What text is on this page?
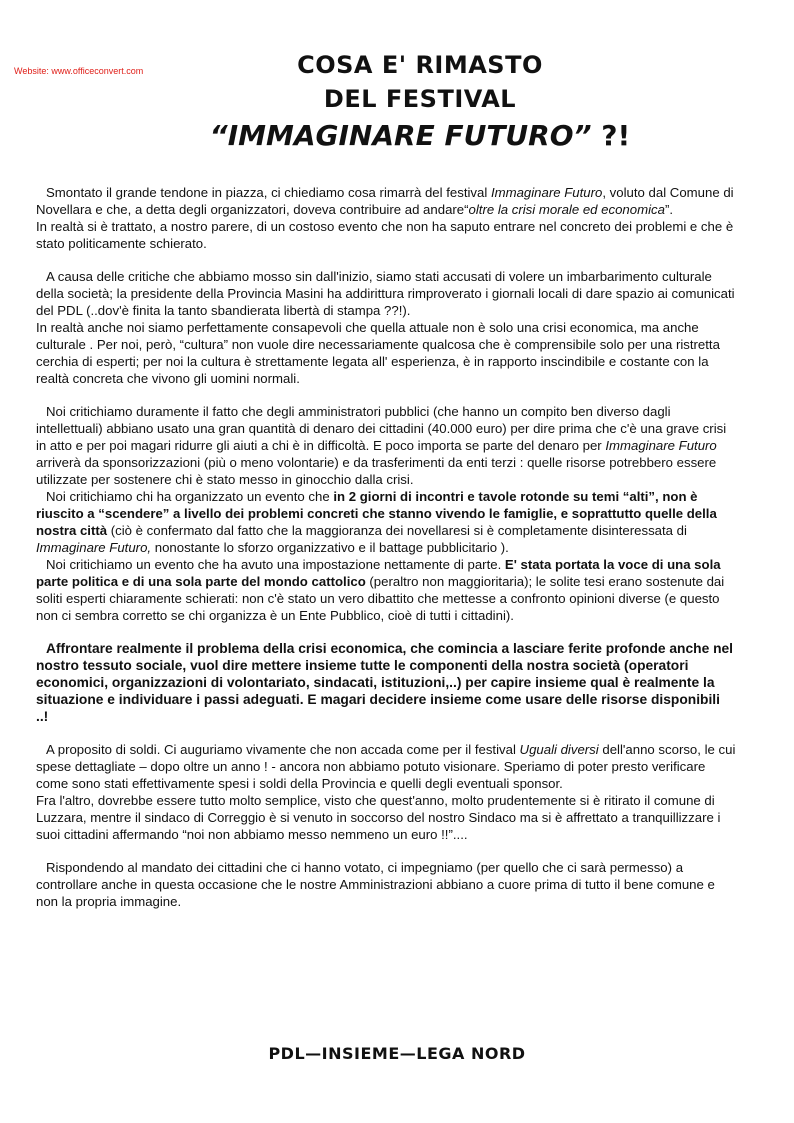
Website: www.officeconvert.com	COSA E' RIMASTO
DEL FESTIVAL
“IMMAGINARE FUTURO” ?!

Smontato il grande tendone in piazza, ci chiediamo cosa rimarrà del festival Immaginare Futuro, voluto dal Comune di Novellara e che, a detta degli organizzatori, doveva contribuire ad andare“oltre la crisi morale ed economica”.

In realtà si è trattato, a nostro parere, di un costoso evento che non ha saputo entrare nel concreto dei problemi e che è stato politicamente schierato.

A causa delle critiche che abbiamo mosso sin dall'inizio, siamo stati accusati di volere un imbarbarimento culturale della società; la presidente della Provincia Masini ha addirittura rimproverato i giornali locali di dare spazio ai comunicati del PDL (..dov'è finita la tanto sbandierata libertà di stampa ??!).

In realtà anche noi siamo perfettamente consapevoli che quella attuale non è solo una crisi economica, ma anche culturale . Per noi, però, “cultura” non vuole dire necessariamente qualcosa che è comprensibile solo per una ristretta cerchia di esperti; per noi la cultura è strettamente legata all' esperienza, è in rapporto inscindibile e costante con la realtà concreta che vivono gli uomini normali.

Noi critichiamo duramente il fatto che degli amministratori pubblici (che hanno un compito ben diverso dagli intellettuali) abbiano usato una gran quantità di denaro dei cittadini (40.000 euro) per dire prima che c'è una grave crisi in atto e per poi magari ridurre gli aiuti a chi è in difficoltà. E poco importa se parte del denaro per Immaginare Futuro arriverà da sponsorizzazioni (più o meno volontarie) e da trasferimenti da enti terzi : quelle risorse potrebbero essere utilizzate per sostenere chi è stato messo in ginocchio dalla crisi.

Noi critichiamo chi ha organizzato un evento che in 2 giorni di incontri e tavole rotonde su temi “alti”, non è riuscito a “scendere” a livello dei problemi concreti che stanno vivendo le famiglie, e soprattutto quelle della nostra città (ciò è confermato dal fatto che la maggioranza dei novellaresi si è completamente disinteressata di Immaginare Futuro, nonostante lo sforzo organizzativo e il battage pubblicitario ).

Noi critichiamo un evento che ha avuto una impostazione nettamente di parte. E' stata portata la voce di una sola parte politica e di una sola parte del mondo cattolico (peraltro non maggioritaria); le solite tesi erano sostenute dai soliti esperti chiaramente schierati: non c'è stato un vero dibattito che mettesse a confronto opinioni diverse (e questo non ci sembra corretto se chi organizza è un Ente Pubblico, cioè di tutti i cittadini).

Affrontare realmente il problema della crisi economica, che comincia a lasciare ferite profonde anche nel nostro tessuto sociale, vuol dire mettere insieme tutte le componenti della nostra società (operatori economici, organizzazioni di volontariato, sindacati, istituzioni,..) per capire insieme qual è realmente la situazione e individuare i passi adeguati. E magari decidere insieme come usare delle risorse disponibili ..!

A proposito di soldi. Ci auguriamo vivamente che non accada come per il festival Uguali diversi dell'anno scorso, le cui spese dettagliate – dopo oltre un anno ! - ancora non abbiamo potuto visionare. Speriamo di poter presto verificare come sono stati effettivamente spesi i soldi della Provincia e quelli degli eventuali sponsor.

Fra l'altro, dovrebbe essere tutto molto semplice, visto che quest'anno, molto prudentemente si è ritirato il comune di Luzzara, mentre il sindaco di Correggio è si venuto in soccorso del nostro Sindaco ma si è affrettato a tranquillizzare i suoi cittadini affermando “noi non abbiamo messo nemmeno un euro !!”....

Rispondendo al mandato dei cittadini che ci hanno votato, ci impegniamo (per quello che ci sarà permesso) a controllare anche in questa occasione che le nostre Amministrazioni abbiano a cuore prima di tutto il bene comune e non la propria immagine.

PDL—INSIEME—LEGA NORD
